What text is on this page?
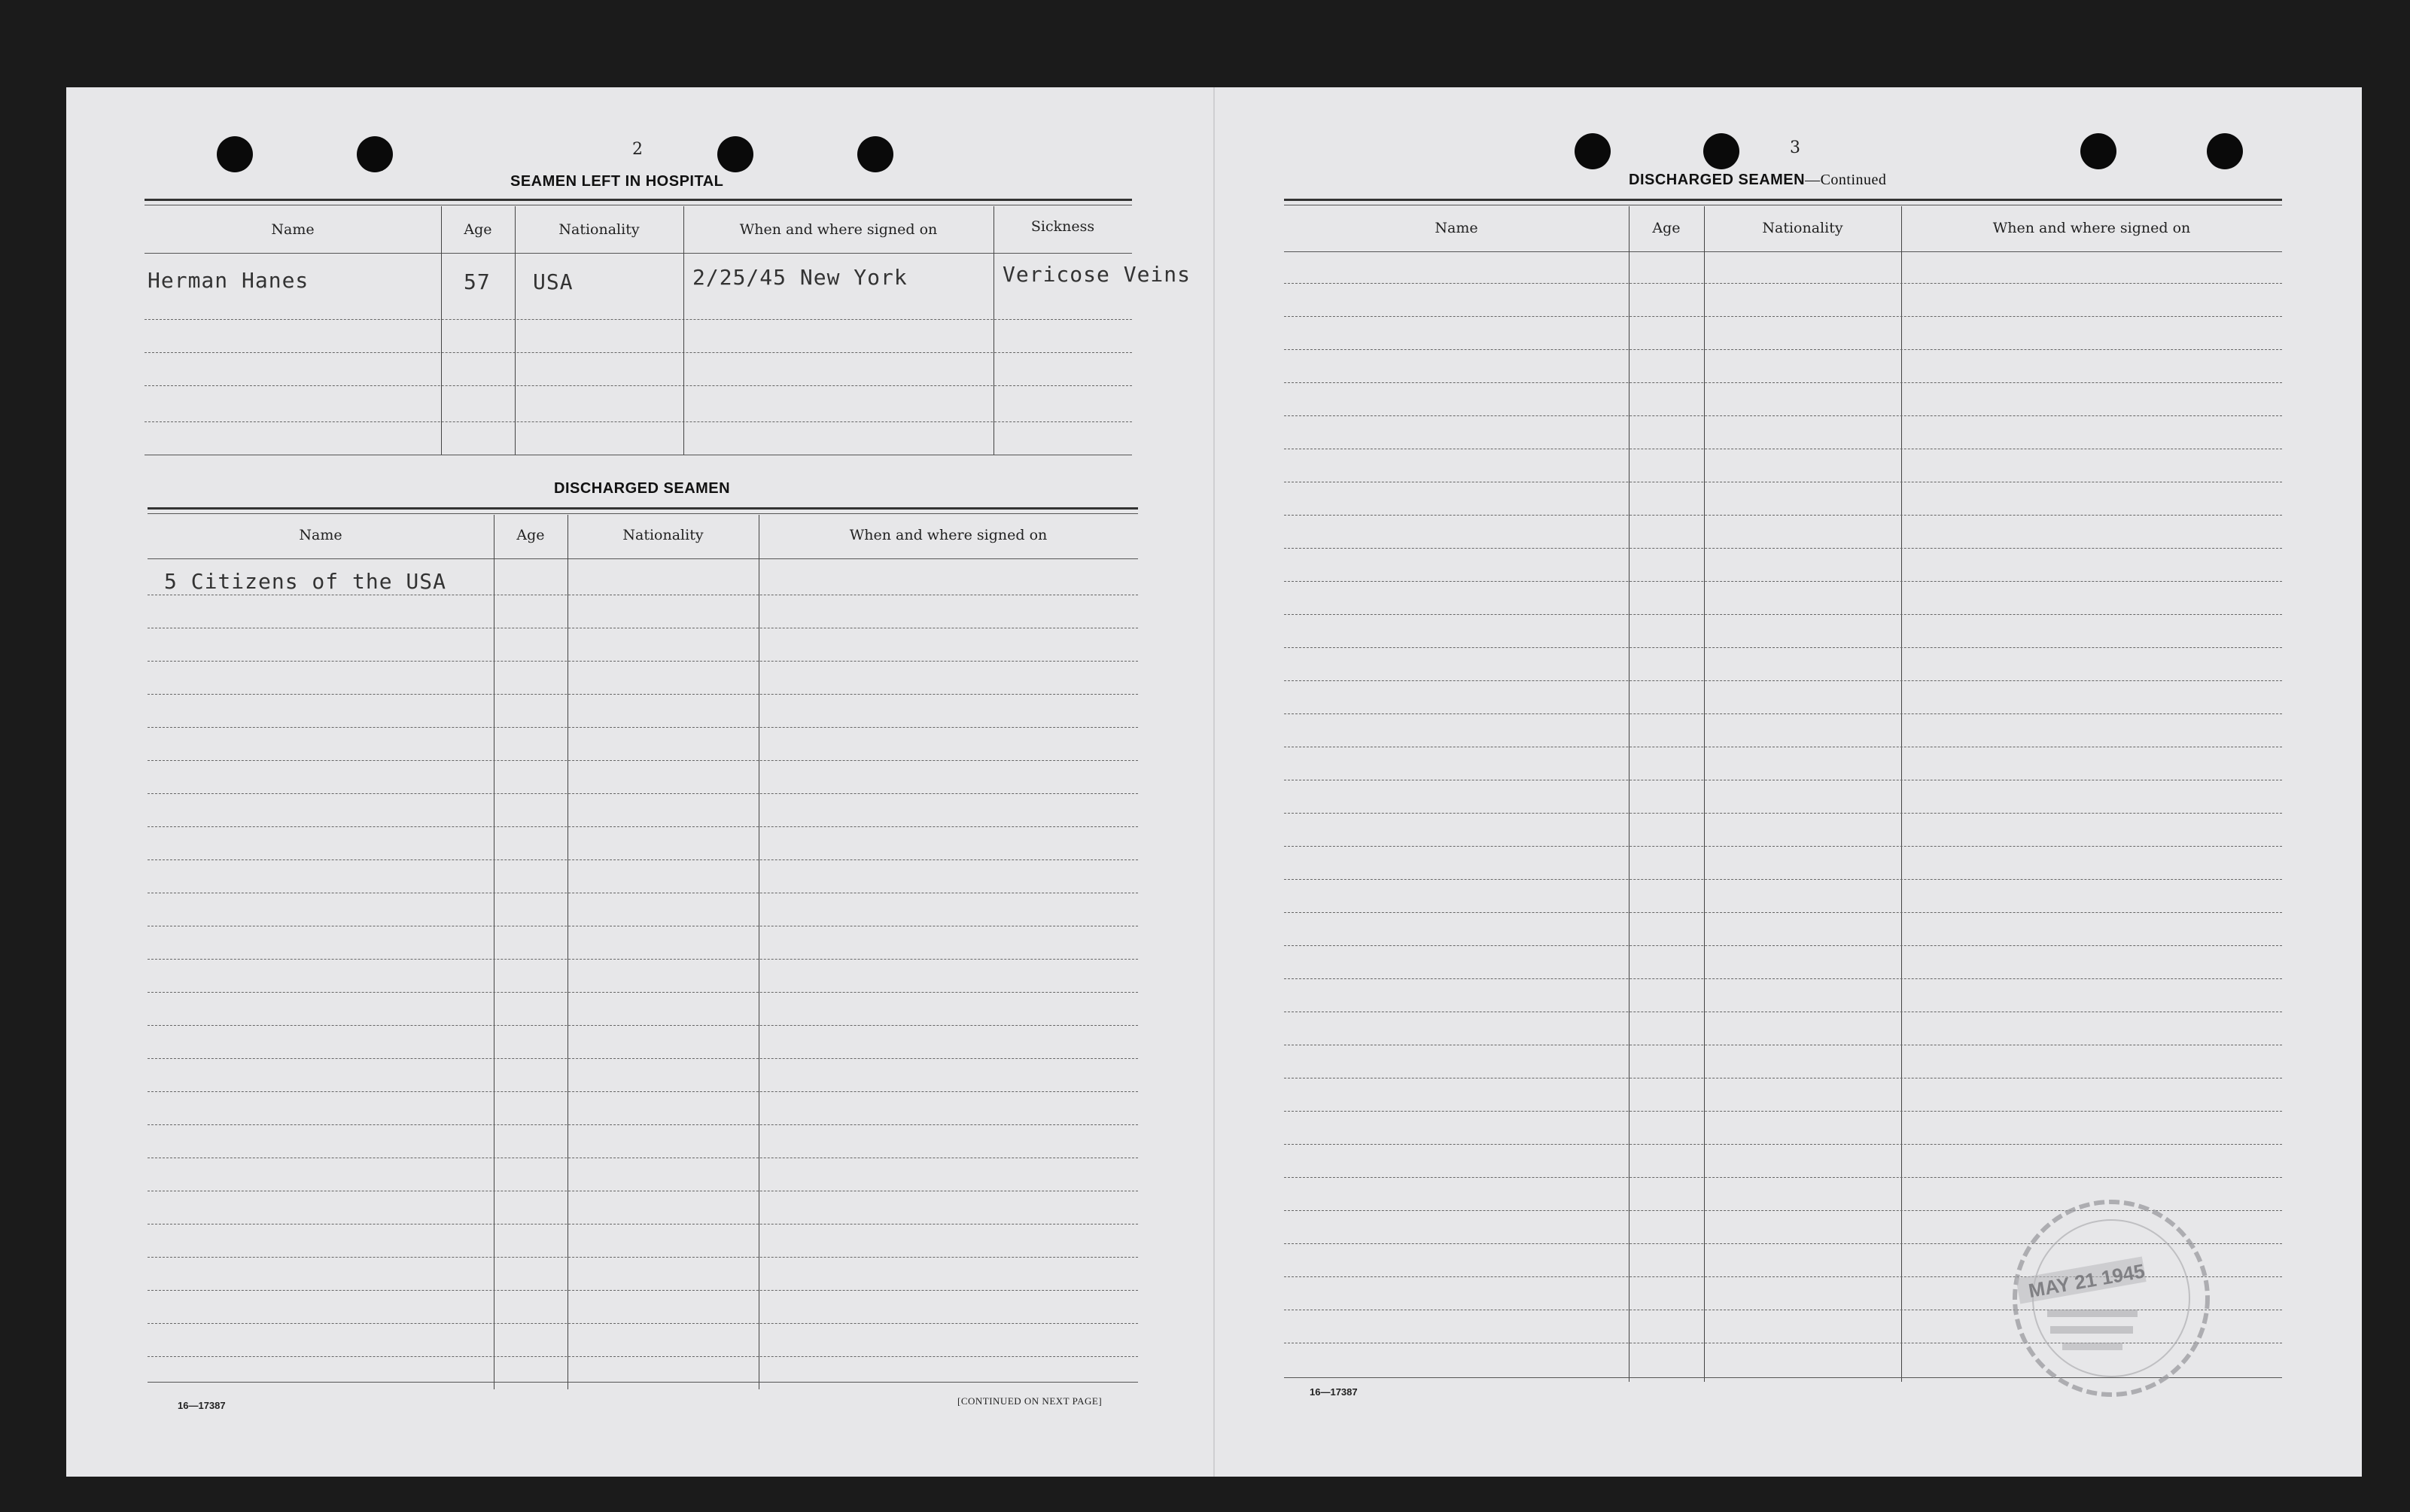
2
SEAMEN LEFT IN HOSPITAL
Name	Age	Nationality	When and where signed on	Sickness
Herman Hanes	57 USA	2/25/45 New York	Vericose Veins
DISCHARGED SEAMEN
Name	Age	Nationality	When and where signed on
5 Citizens of the USA
16—17387	[CONTINUED ON NEXT PAGE]
3
DISCHARGED SEAMEN—Continued
Name	Age	Nationality	When and where signed on
16—17387
MAY 21 1945
